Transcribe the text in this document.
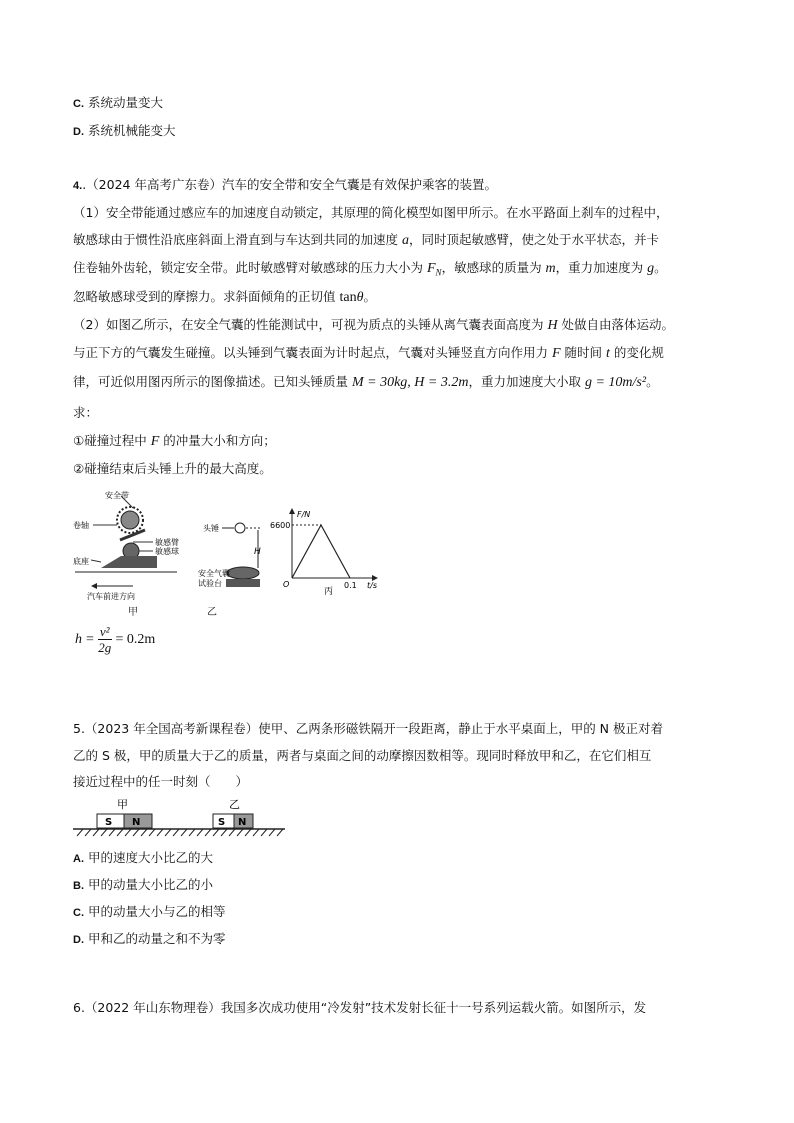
C. 系统动量变大
D. 系统机械能变大
4..（2024 年高考广东卷）汽车的安全带和安全气囊是有效保护乘客的装置。
（1）安全带能通过感应车的加速度自动锁定，其原理的简化模型如图甲所示。在水平路面上刹车的过程中，
敏感球由于惯性沿底座斜面上滑直到与车达到共同的加速度 a，同时顶起敏感臂，使之处于水平状态，并卡
住卷轴外齿轮，锁定安全带。此时敏感臂对敏感球的压力大小为 $F_N$，敏感球的质量为 m，重力加速度为 g。
忽略敏感球受到的摩擦力。求斜面倾角的正切值 tanθ。
（2）如图乙所示，在安全气囊的性能测试中，可视为质点的头锤从离气囊表面高度为 H 处做自由落体运动。
与正下方的气囊发生碰撞。以头锤到气囊表面为计时起点，气囊对头锤竖直方向作用力 F 随时间 t 的变化规
律，可近似用图丙所示的图像描述。已知头锤质量 M = 30kg, H = 3.2m，重力加速度大小取 g = 10m/s²。
求：
①碰撞过程中 F 的冲量大小和方向；
②碰撞结束后头锤上升的最大高度。
安全带
卷轴
敏感臂
敏感球
底座
汽车前进方向
甲
头锤
H
安全气囊
试验台
乙
F/N
6600
O	0.1 t/s
丙
$h = \frac{\text{v²}}{2g} = 0.2m$
5.（2023 年全国高考新课程卷）使甲、乙两条形磁铁隔开一段距离，静止于水平桌面上，甲的 N 极正对着
乙的 S 极，甲的质量大于乙的质量，两者与桌面之间的动摩擦因数相等。现同时释放甲和乙，在它们相互
接近过程中的任一时刻（　　）
甲	乙
S N	S N
A. 甲的速度大小比乙的大
B. 甲的动量大小比乙的小
C. 甲的动量大小与乙的相等
D. 甲和乙的动量之和不为零
6.（2022 年山东物理卷）我国多次成功使用“冷发射”技术发射长征十一号系列运载火箭。如图所示，发
